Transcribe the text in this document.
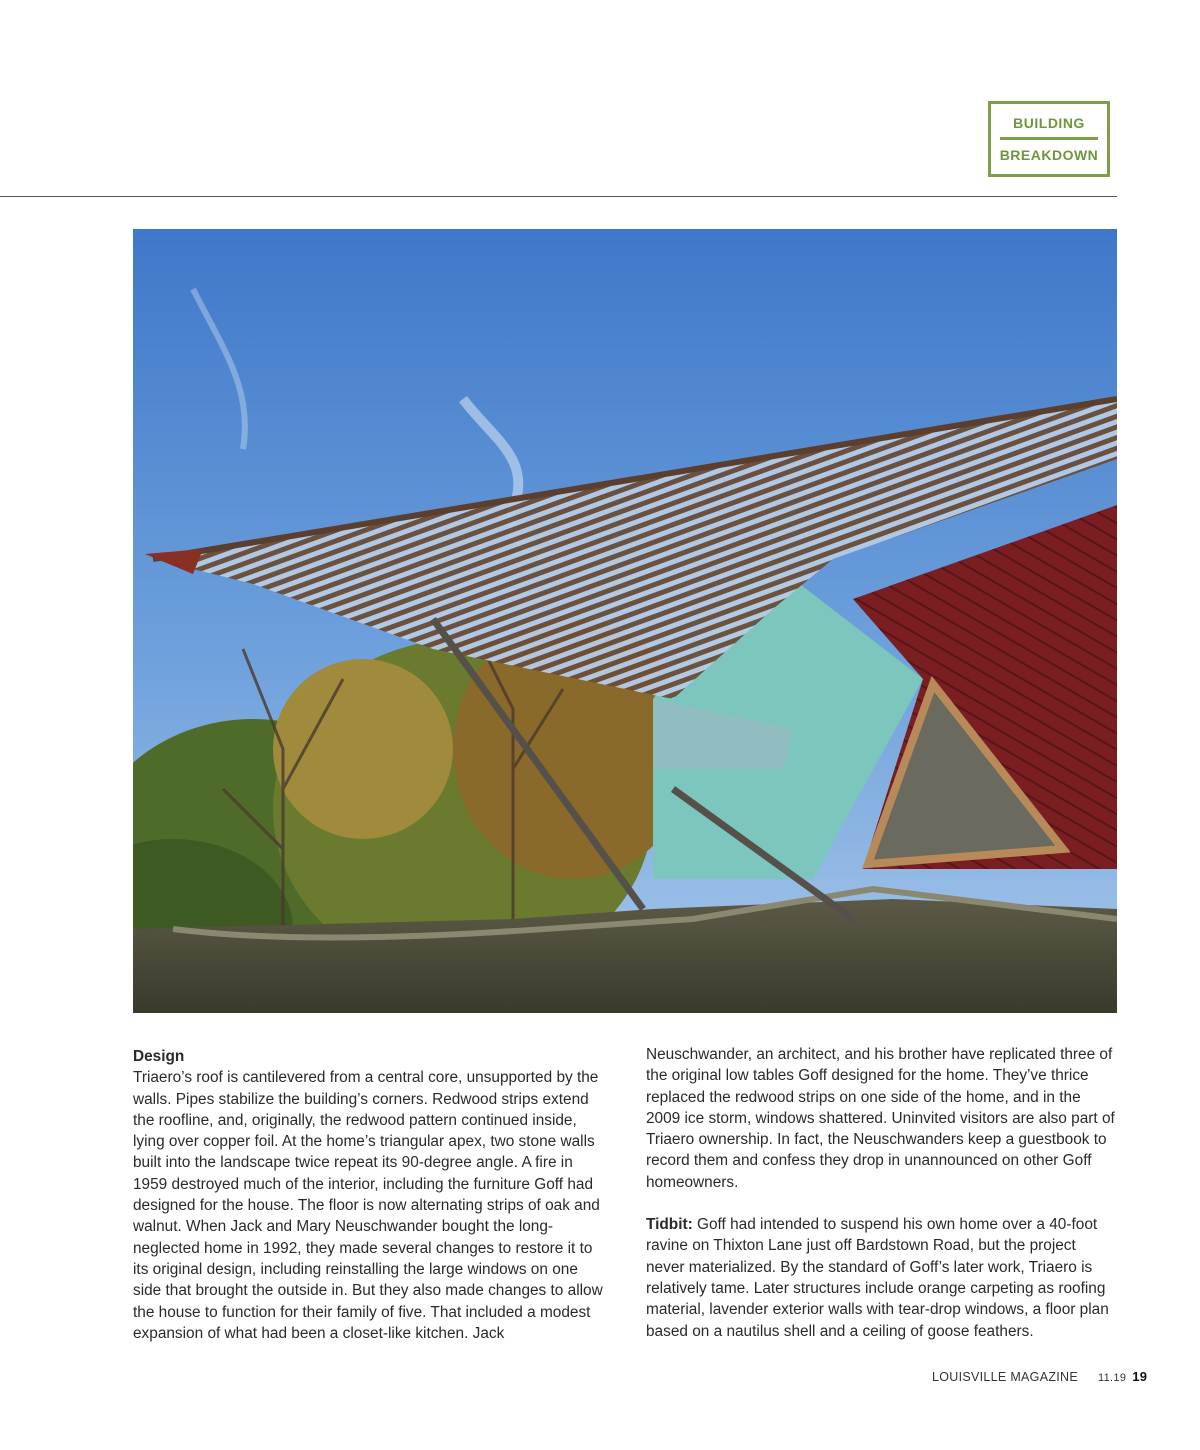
BUILDING
BREAKDOWN
Design

Triaero’s roof is cantilevered from a central core, unsupported by the walls. Pipes stabilize the building’s corners. Redwood strips extend the roofline, and, originally, the redwood pattern continued inside, lying over copper foil. At the home’s triangular apex, two stone walls built into the landscape twice repeat its 90-degree angle. A fire in 1959 destroyed much of the interior, including the furniture Goff had designed for the house. The floor is now alternating strips of oak and walnut. When Jack and Mary Neuschwander bought the long-neglected home in 1992, they made several changes to restore it to its original design, including reinstalling the large windows on one side that brought the outside in. But they also made changes to allow the house to function for their family of five. That included a modest expansion of what had been a closet-like kitchen. Jack

Neuschwander, an architect, and his brother have replicated three of the original low tables Goff designed for the home. They’ve thrice replaced the redwood strips on one side of the home, and in the 2009 ice storm, windows shattered. Uninvited visitors are also part of Triaero ownership. In fact, the Neuschwanders keep a guestbook to record them and confess they drop in unannounced on other Goff homeowners.

Tidbit: Goff had intended to suspend his own home over a 40-foot ravine on Thixton Lane just off Bardstown Road, but the project never materialized. By the standard of Goff’s later work, Triaero is relatively tame. Later structures include orange carpeting as roofing material, lavender exterior walls with tear-drop windows, a floor plan based on a nautilus shell and a ceiling of goose feathers.

LOUISVILLE MAGAZINE 11.19 19
